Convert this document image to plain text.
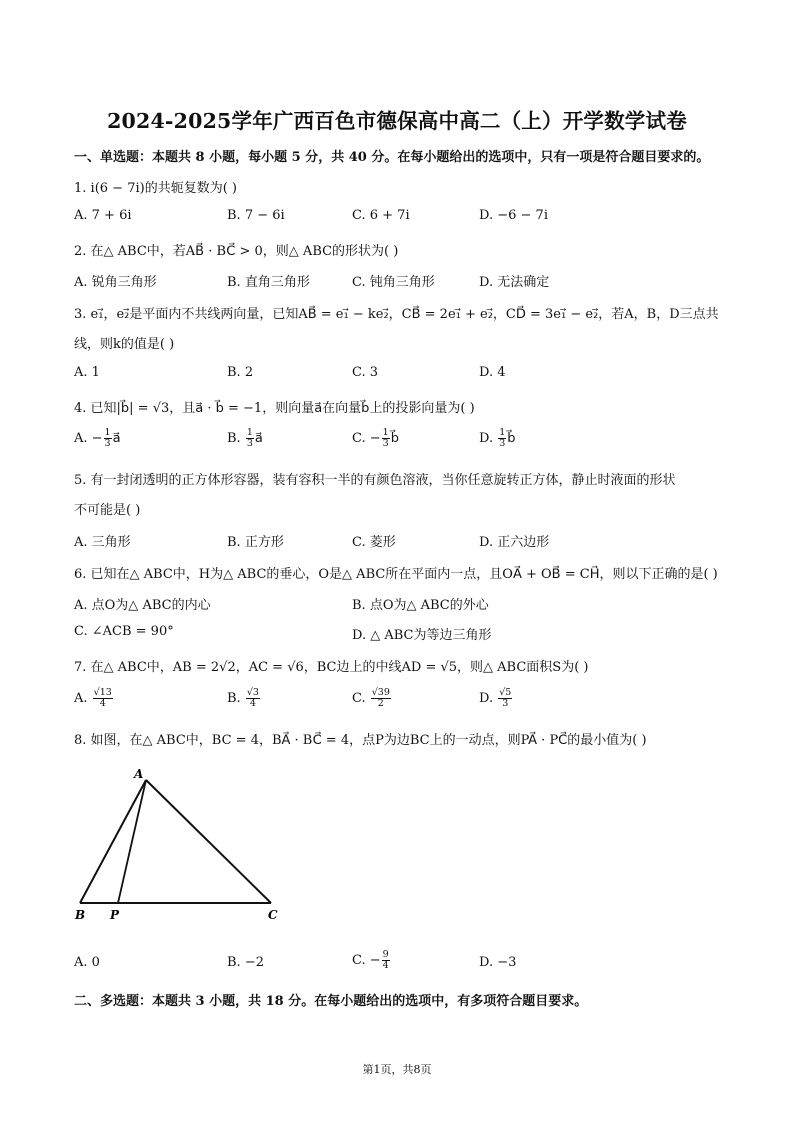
2024-2025学年广西百色市德保高中高二（上）开学数学试卷
一、单选题：本题共 8 小题，每小题 5 分，共 40 分。在每小题给出的选项中，只有一项是符合题目要求的。
1. i(6 − 7i)的共轭复数为( )
A. 7 + 6i	B. 7 − 6i	C. 6 + 7i	D. −6 − 7i
2. 在△ ABC中，若AB⃗ · BC⃗ > 0，则△ ABC的形状为( )
A. 锐角三角形	B. 直角三角形	C. 钝角三角形	D. 无法确定
3. e₁⃗，e₂⃗是平面内不共线两向量，已知AB⃗ = e₁⃗ − ke₂⃗，CB⃗ = 2e₁⃗ + e₂⃗，CD⃗ = 3e₁⃗ − e₂⃗，若A，B，D三点共
线，则k的值是( )
A. 1	B. 2	C. 3	D. 4
4. 已知|b⃗| = √3，且a⃗ · b⃗ = −1，则向量a⃗在向量b⃗上的投影向量为( )
A. − $\frac{1}{3}$ a⃗	B. $\frac{1}{3}$ a⃗	C. − $\frac{1}{3}$ b⃗	D. $\frac{1}{3}$ b⃗
5. 有一封闭透明的正方体形容器，装有容积一半的有颜色溶液，当你任意旋转正方体，静止时液面的形状
不可能是( )
A. 三角形	B. 正方形	C. 菱形	D. 正六边形
6. 已知在△ ABC中，H为△ ABC的垂心，O是△ ABC所在平面内一点，且OA⃗ + OB⃗ = CH⃗，则以下正确的是( )
A. 点O为△ ABC的内心	B. 点O为△ ABC的外心
C. ∠ACB = 90°	D. △ ABC为等边三角形
7. 在△ ABC中，AB = 2√2，AC = √6，BC边上的中线AD = √5，则△ ABC面积S为( )
A. $\frac{√13}{4}$	B. $\frac{√3}{4}$	C. $\frac{√39}{2}$	D. $\frac{√5}{3}$
8. 如图，在△ ABC中，BC = 4，BA⃗ · BC⃗ = 4，点P为边BC上的一动点，则PA⃗ · PC⃗的最小值为( )
A
B P	C
A. 0	B. −2	C. − $\frac{9}{4}$	D. −3
二、多选题：本题共 3 小题，共 18 分。在每小题给出的选项中，有多项符合题目要求。
第1页，共8页
